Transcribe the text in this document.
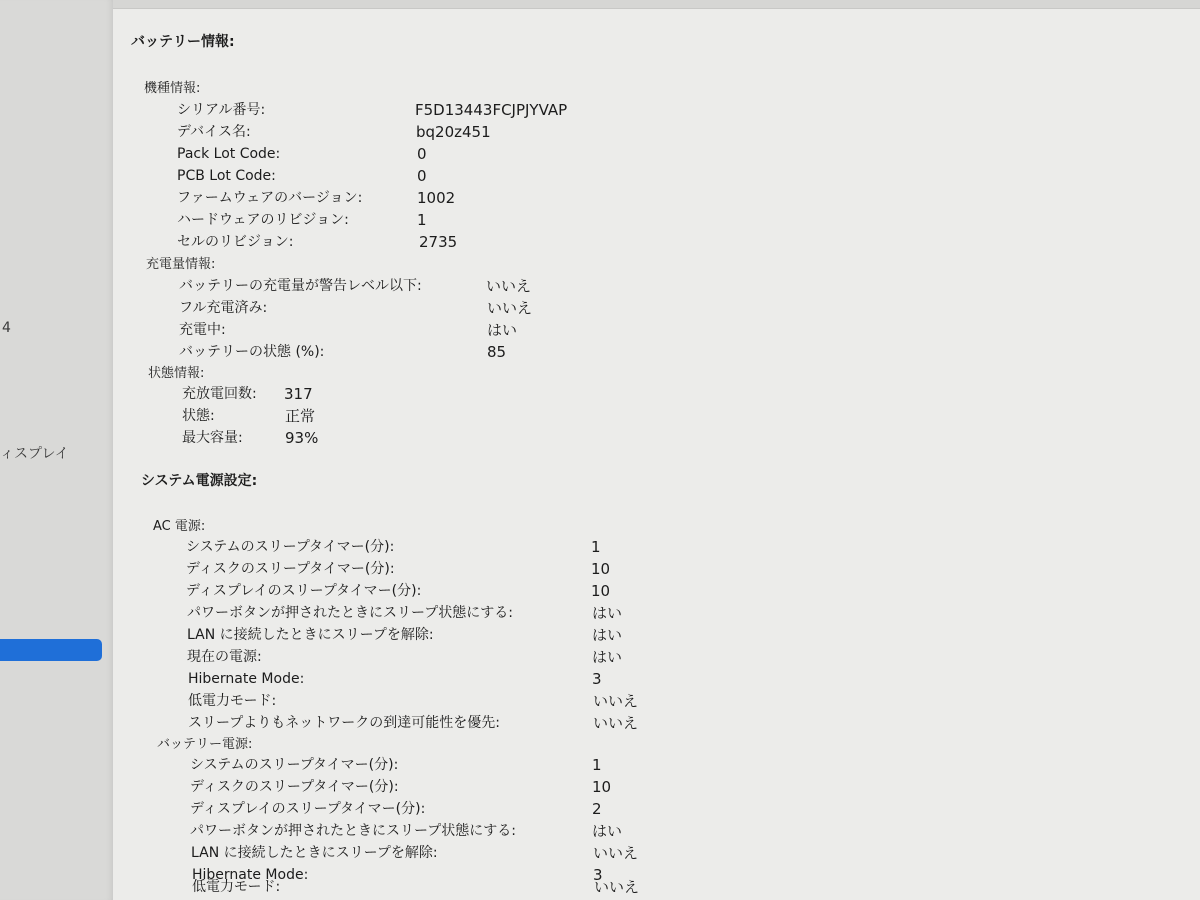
4
ィスプレイ
バッテリー情報:
機種情報:
シリアル番号:	F5D13443FCJPJYVAP
デバイス名:	bq20z451
Pack Lot Code:	0
PCB Lot Code:	0
ファームウェアのバージョン:	1002
ハードウェアのリビジョン:	1
セルのリビジョン:	2735
充電量情報:
バッテリーの充電量が警告レベル以下:	いいえ
フル充電済み:	いいえ
充電中:	はい
バッテリーの状態 (%):	85
状態情報:
充放電回数: 317
状態:	正常
最大容量:	93%
システム電源設定:
AC 電源:
システムのスリープタイマー(分):	1
ディスクのスリープタイマー(分):	10
ディスプレイのスリープタイマー(分):	10
パワーボタンが押されたときにスリープ状態にする:	はい
LAN に接続したときにスリープを解除:	はい
現在の電源:	はい
Hibernate Mode:	3
低電力モード:	いいえ
スリープよりもネットワークの到達可能性を優先:	いいえ
バッテリー電源:
システムのスリープタイマー(分):	1
ディスクのスリープタイマー(分):	10
ディスプレイのスリープタイマー(分):	2
パワーボタンが押されたときにスリープ状態にする:	はい
LAN に接続したときにスリープを解除:	いいえ
Hibernate Mode:	3
低電力モード:	いいえ
